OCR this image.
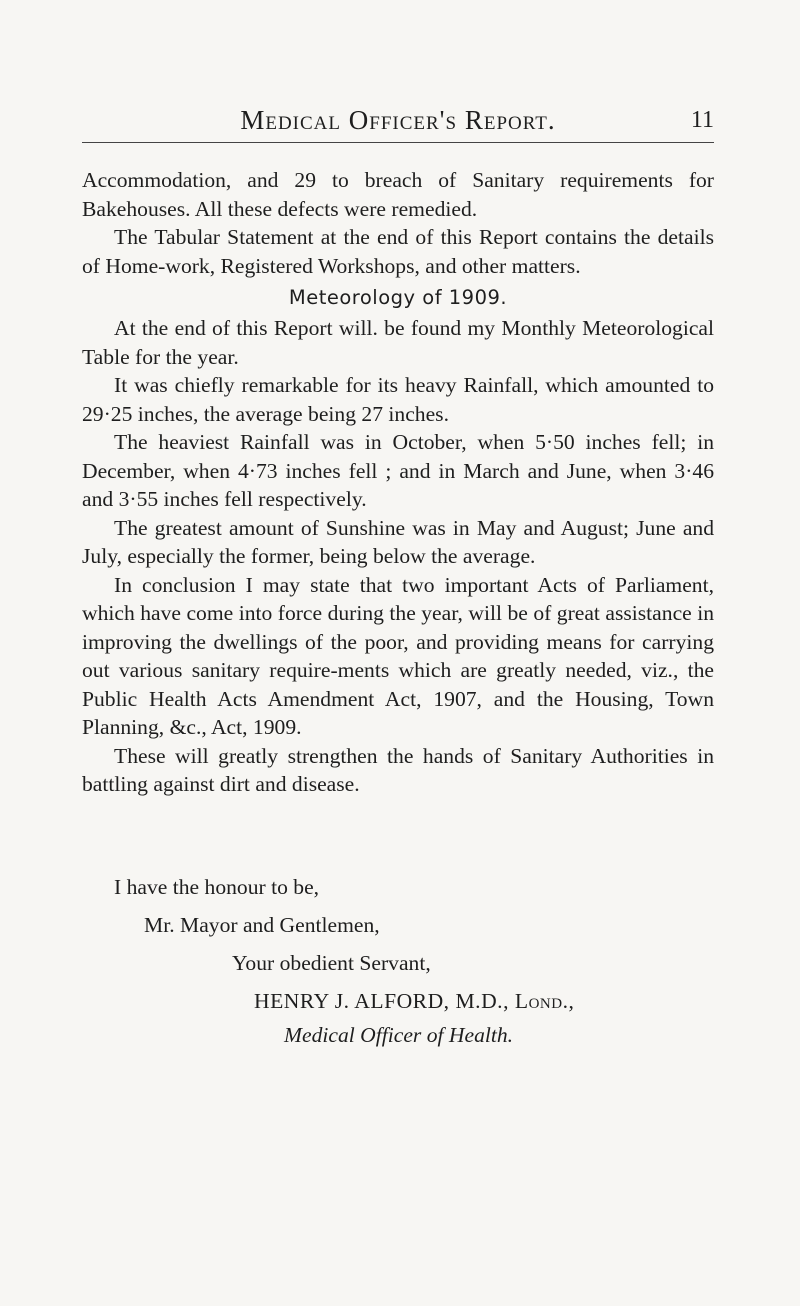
Medical Officer's Report.	11

Accommodation, and 29 to breach of Sanitary requirements for Bakehouses. All these defects were remedied.

The Tabular Statement at the end of this Report contains the details of Home-work, Registered Workshops, and other matters.

Meteorology of 1909.

At the end of this Report will. be found my Monthly Meteorological Table for the year.

It was chiefly remarkable for its heavy Rainfall, which amounted to 29·25 inches, the average being 27 inches.

The heaviest Rainfall was in October, when 5·50 inches fell; in December, when 4·73 inches fell ; and in March and June, when 3·46 and 3·55 inches fell respectively.

The greatest amount of Sunshine was in May and August; June and July, especially the former, being below the average.

In conclusion I may state that two important Acts of Parliament, which have come into force during the year, will be of great assistance in improving the dwellings of the poor, and providing means for carrying out various sanitary require-ments which are greatly needed, viz., the Public Health Acts Amendment Act, 1907, and the Housing, Town Planning, &c., Act, 1909.

These will greatly strengthen the hands of Sanitary Authorities in battling against dirt and disease.

I have the honour to be,
Mr. Mayor and Gentlemen,
Your obedient Servant,
HENRY J. ALFORD, M.D., Lond.,
Medical Officer of Health.
